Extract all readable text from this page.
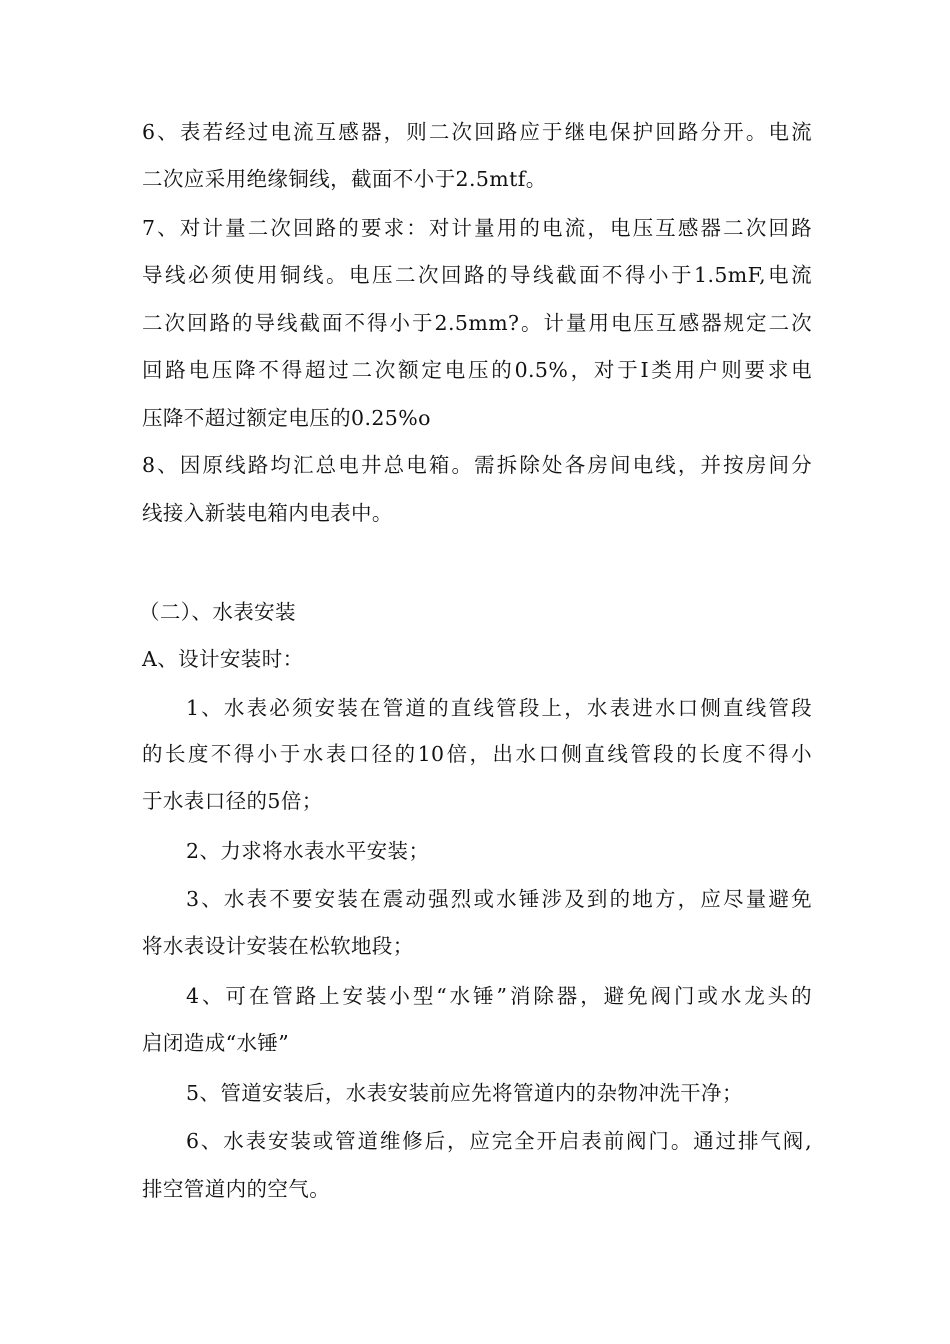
6、表若经过电流互感器，则二次回路应于继电保护回路分开。电流
二次应采用绝缘铜线，截面不小于2.5mtf。
7、对计量二次回路的要求：对计量用的电流，电压互感器二次回路
导线必须使用铜线。电压二次回路的导线截面不得小于1.5mF,电流
二次回路的导线截面不得小于2.5mm?。计量用电压互感器规定二次
回路电压降不得超过二次额定电压的0.5%，对于I类用户则要求电
压降不超过额定电压的0.25%o
8、因原线路均汇总电井总电箱。需拆除处各房间电线，并按房间分
线接入新装电箱内电表中。
（二）、水表安装
A、设计安装时：
1、水表必须安装在管道的直线管段上，水表进水口侧直线管段
的长度不得小于水表口径的10倍，出水口侧直线管段的长度不得小
于水表口径的5倍；
2、力求将水表水平安装；
3、水表不要安装在震动强烈或水锤涉及到的地方，应尽量避免
将水表设计安装在松软地段；
4、可在管路上安装小型“水锤”消除器，避免阀门或水龙头的
启闭造成“水锤”
5、管道安装后，水表安装前应先将管道内的杂物冲洗干净；
6、水表安装或管道维修后，应完全开启表前阀门。通过排气阀,
排空管道内的空气。
